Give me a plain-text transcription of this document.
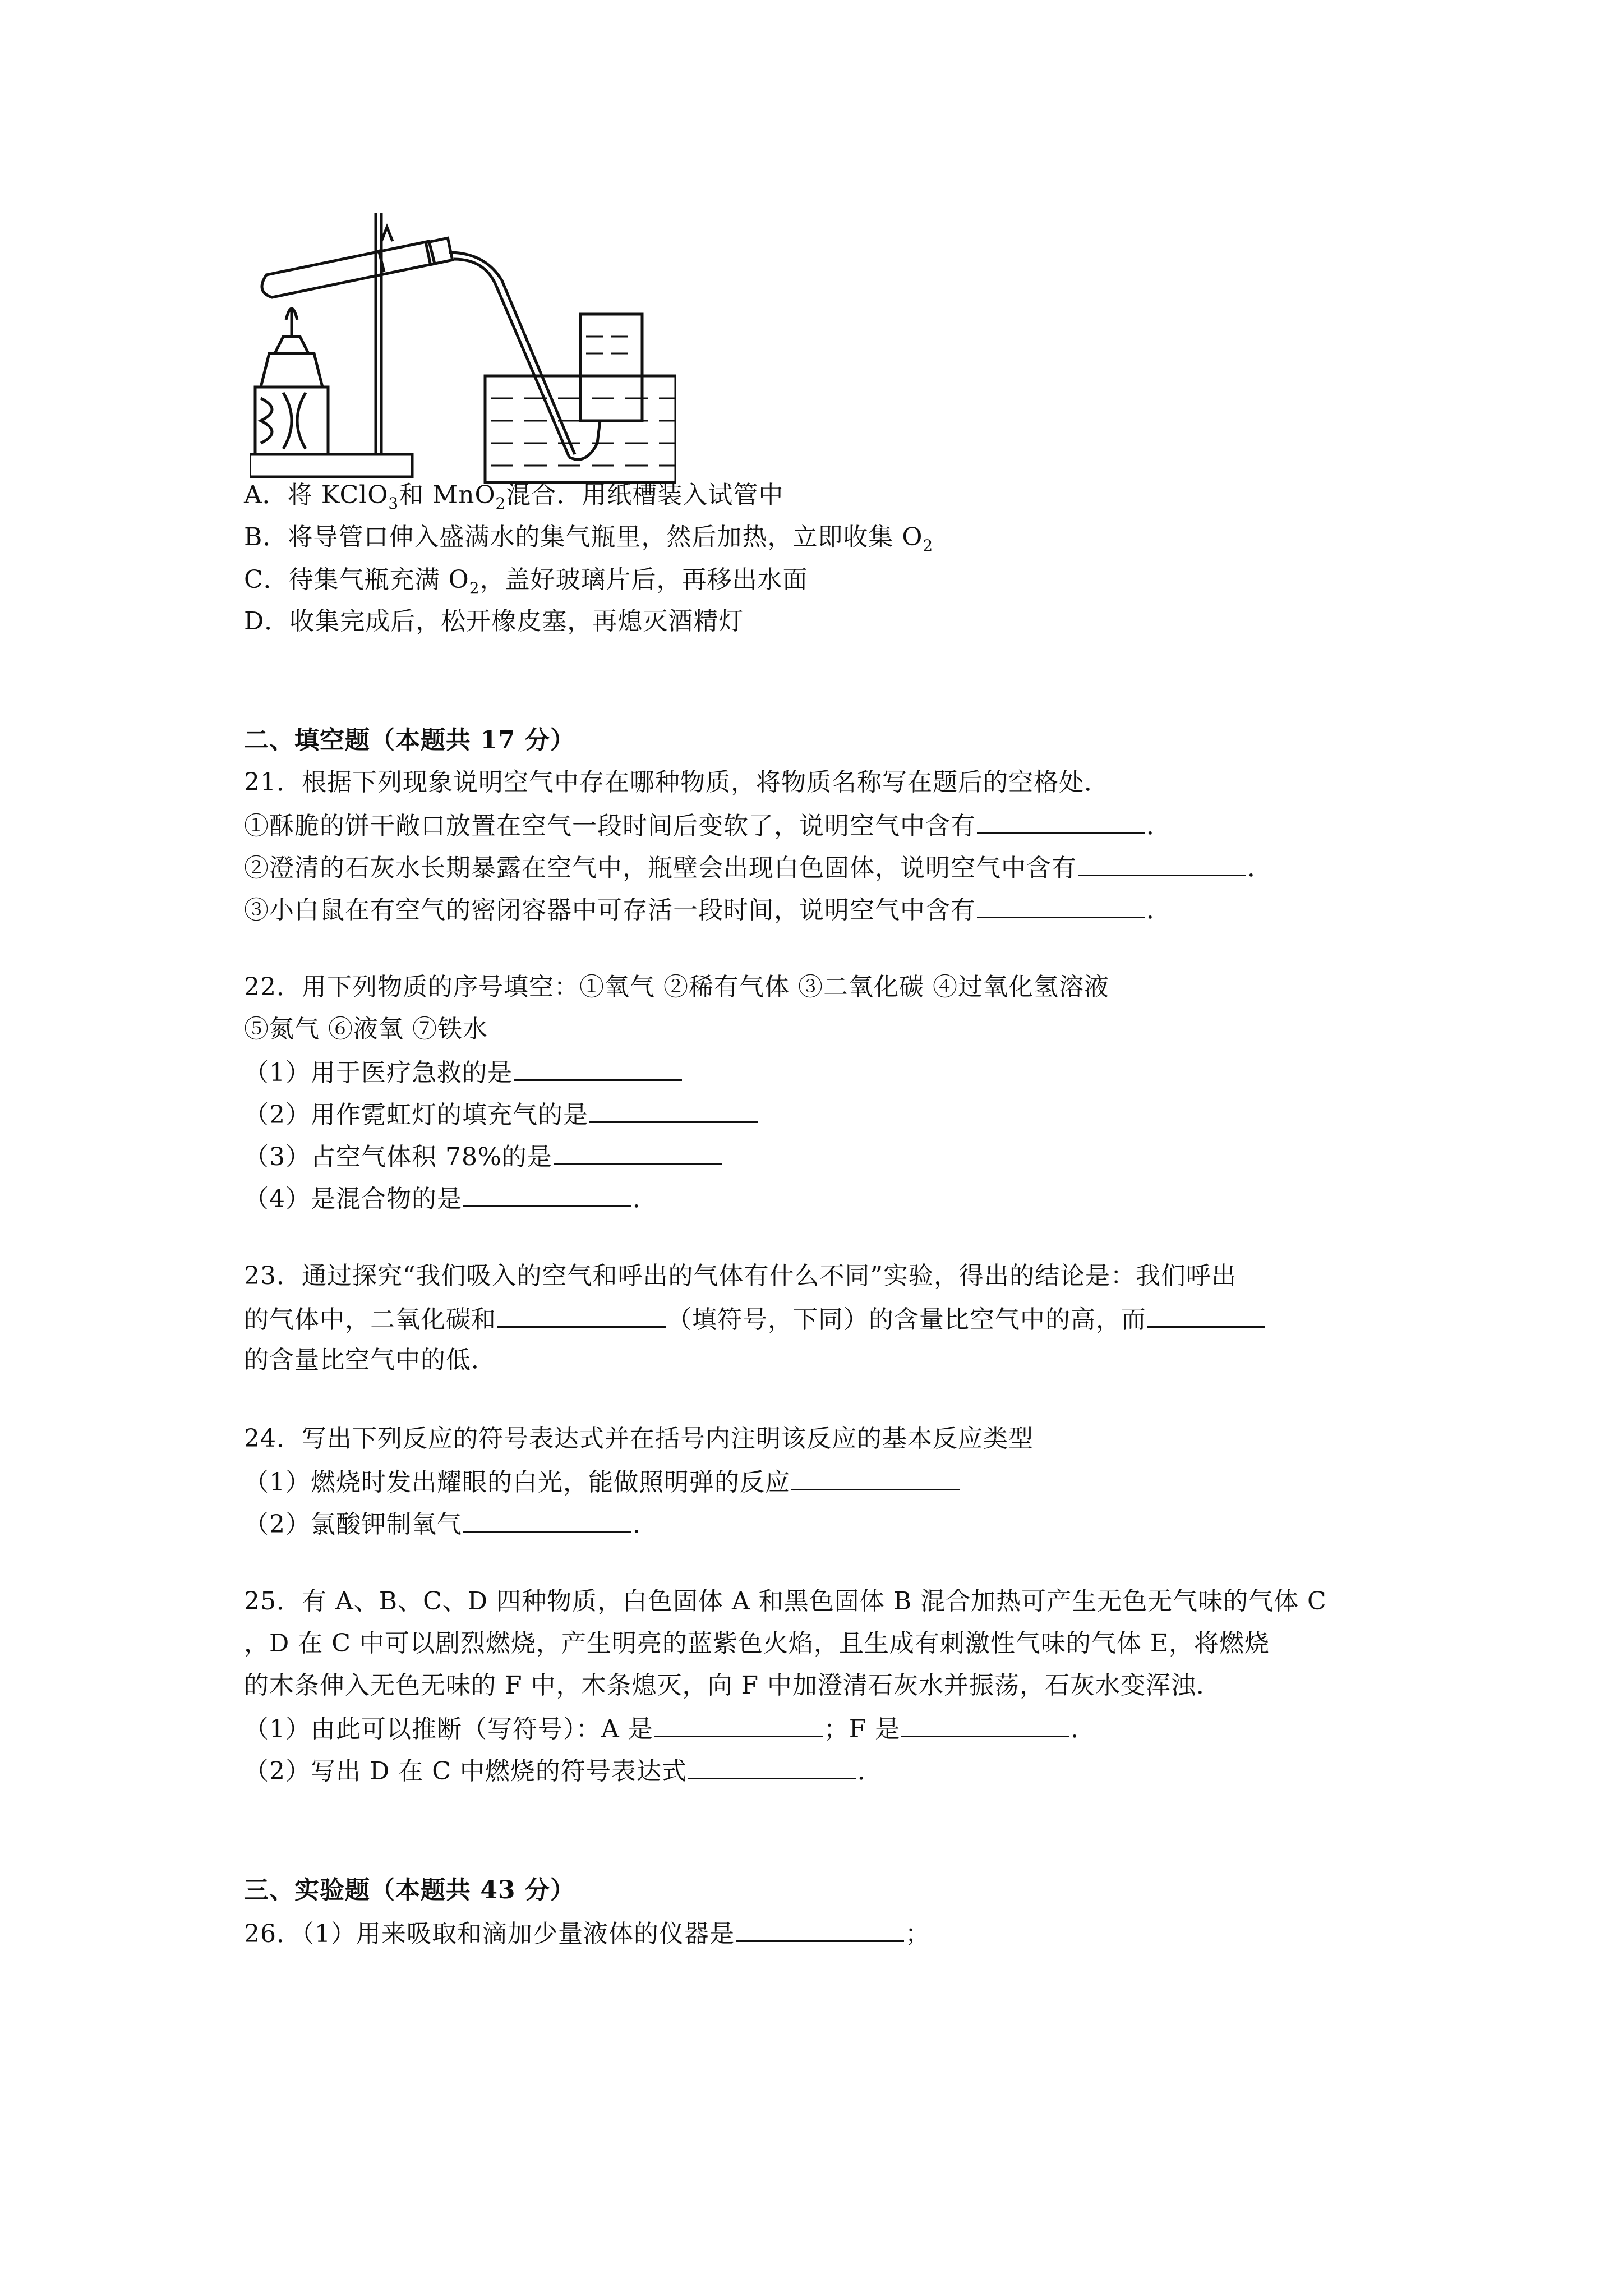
A．将 KClO$_3$和 MnO$_2$混合．用纸槽装入试管中
B．将导管口伸入盛满水的集气瓶里，然后加热，立即收集 $O_2$
C．待集气瓶充满 $O_2$，盖好玻璃片后，再移出水面
D．收集完成后，松开橡皮塞，再熄灭酒精灯
二、填空题（本题共 17 分）
21．根据下列现象说明空气中存在哪种物质，将物质名称写在题后的空格处．
①酥脆的饼干敞口放置在空气一段时间后变软了，说明空气中含有	．
②澄清的石灰水长期暴露在空气中，瓶壁会出现白色固体，说明空气中含有	．
③小白鼠在有空气的密闭容器中可存活一段时间，说明空气中含有	．
22．用下列物质的序号填空：①氧气 ②稀有气体 ③二氧化碳 ④过氧化氢溶液
⑤氮气 ⑥液氧 ⑦铁水
（1）用于医疗急救的是
（2）用作霓虹灯的填充气的是
（3）占空气体积 78%的是
（4）是混合物的是	．
23．通过探究“我们吸入的空气和呼出的气体有什么不同”实验，得出的结论是：我们呼出
的气体中，二氧化碳和	（填符号，下同）的含量比空气中的高，而
的含量比空气中的低．
24．写出下列反应的符号表达式并在括号内注明该反应的基本反应类型
（1）燃烧时发出耀眼的白光，能做照明弹的反应
（2）氯酸钾制氧气	．
25．有 A、B、C、D 四种物质，白色固体 A 和黑色固体 B 混合加热可产生无色无气味的气体 C
，D 在 C 中可以剧烈燃烧，产生明亮的蓝紫色火焰，且生成有刺激性气味的气体 E，将燃烧
的木条伸入无色无味的 F 中，木条熄灭，向 F 中加澄清石灰水并振荡，石灰水变浑浊．
（1）由此可以推断（写符号）：A 是	；F 是	．
（2）写出 D 在 C 中燃烧的符号表达式	．
三、实验题（本题共 43 分）
26．（1）用来吸取和滴加少量液体的仪器是	；
